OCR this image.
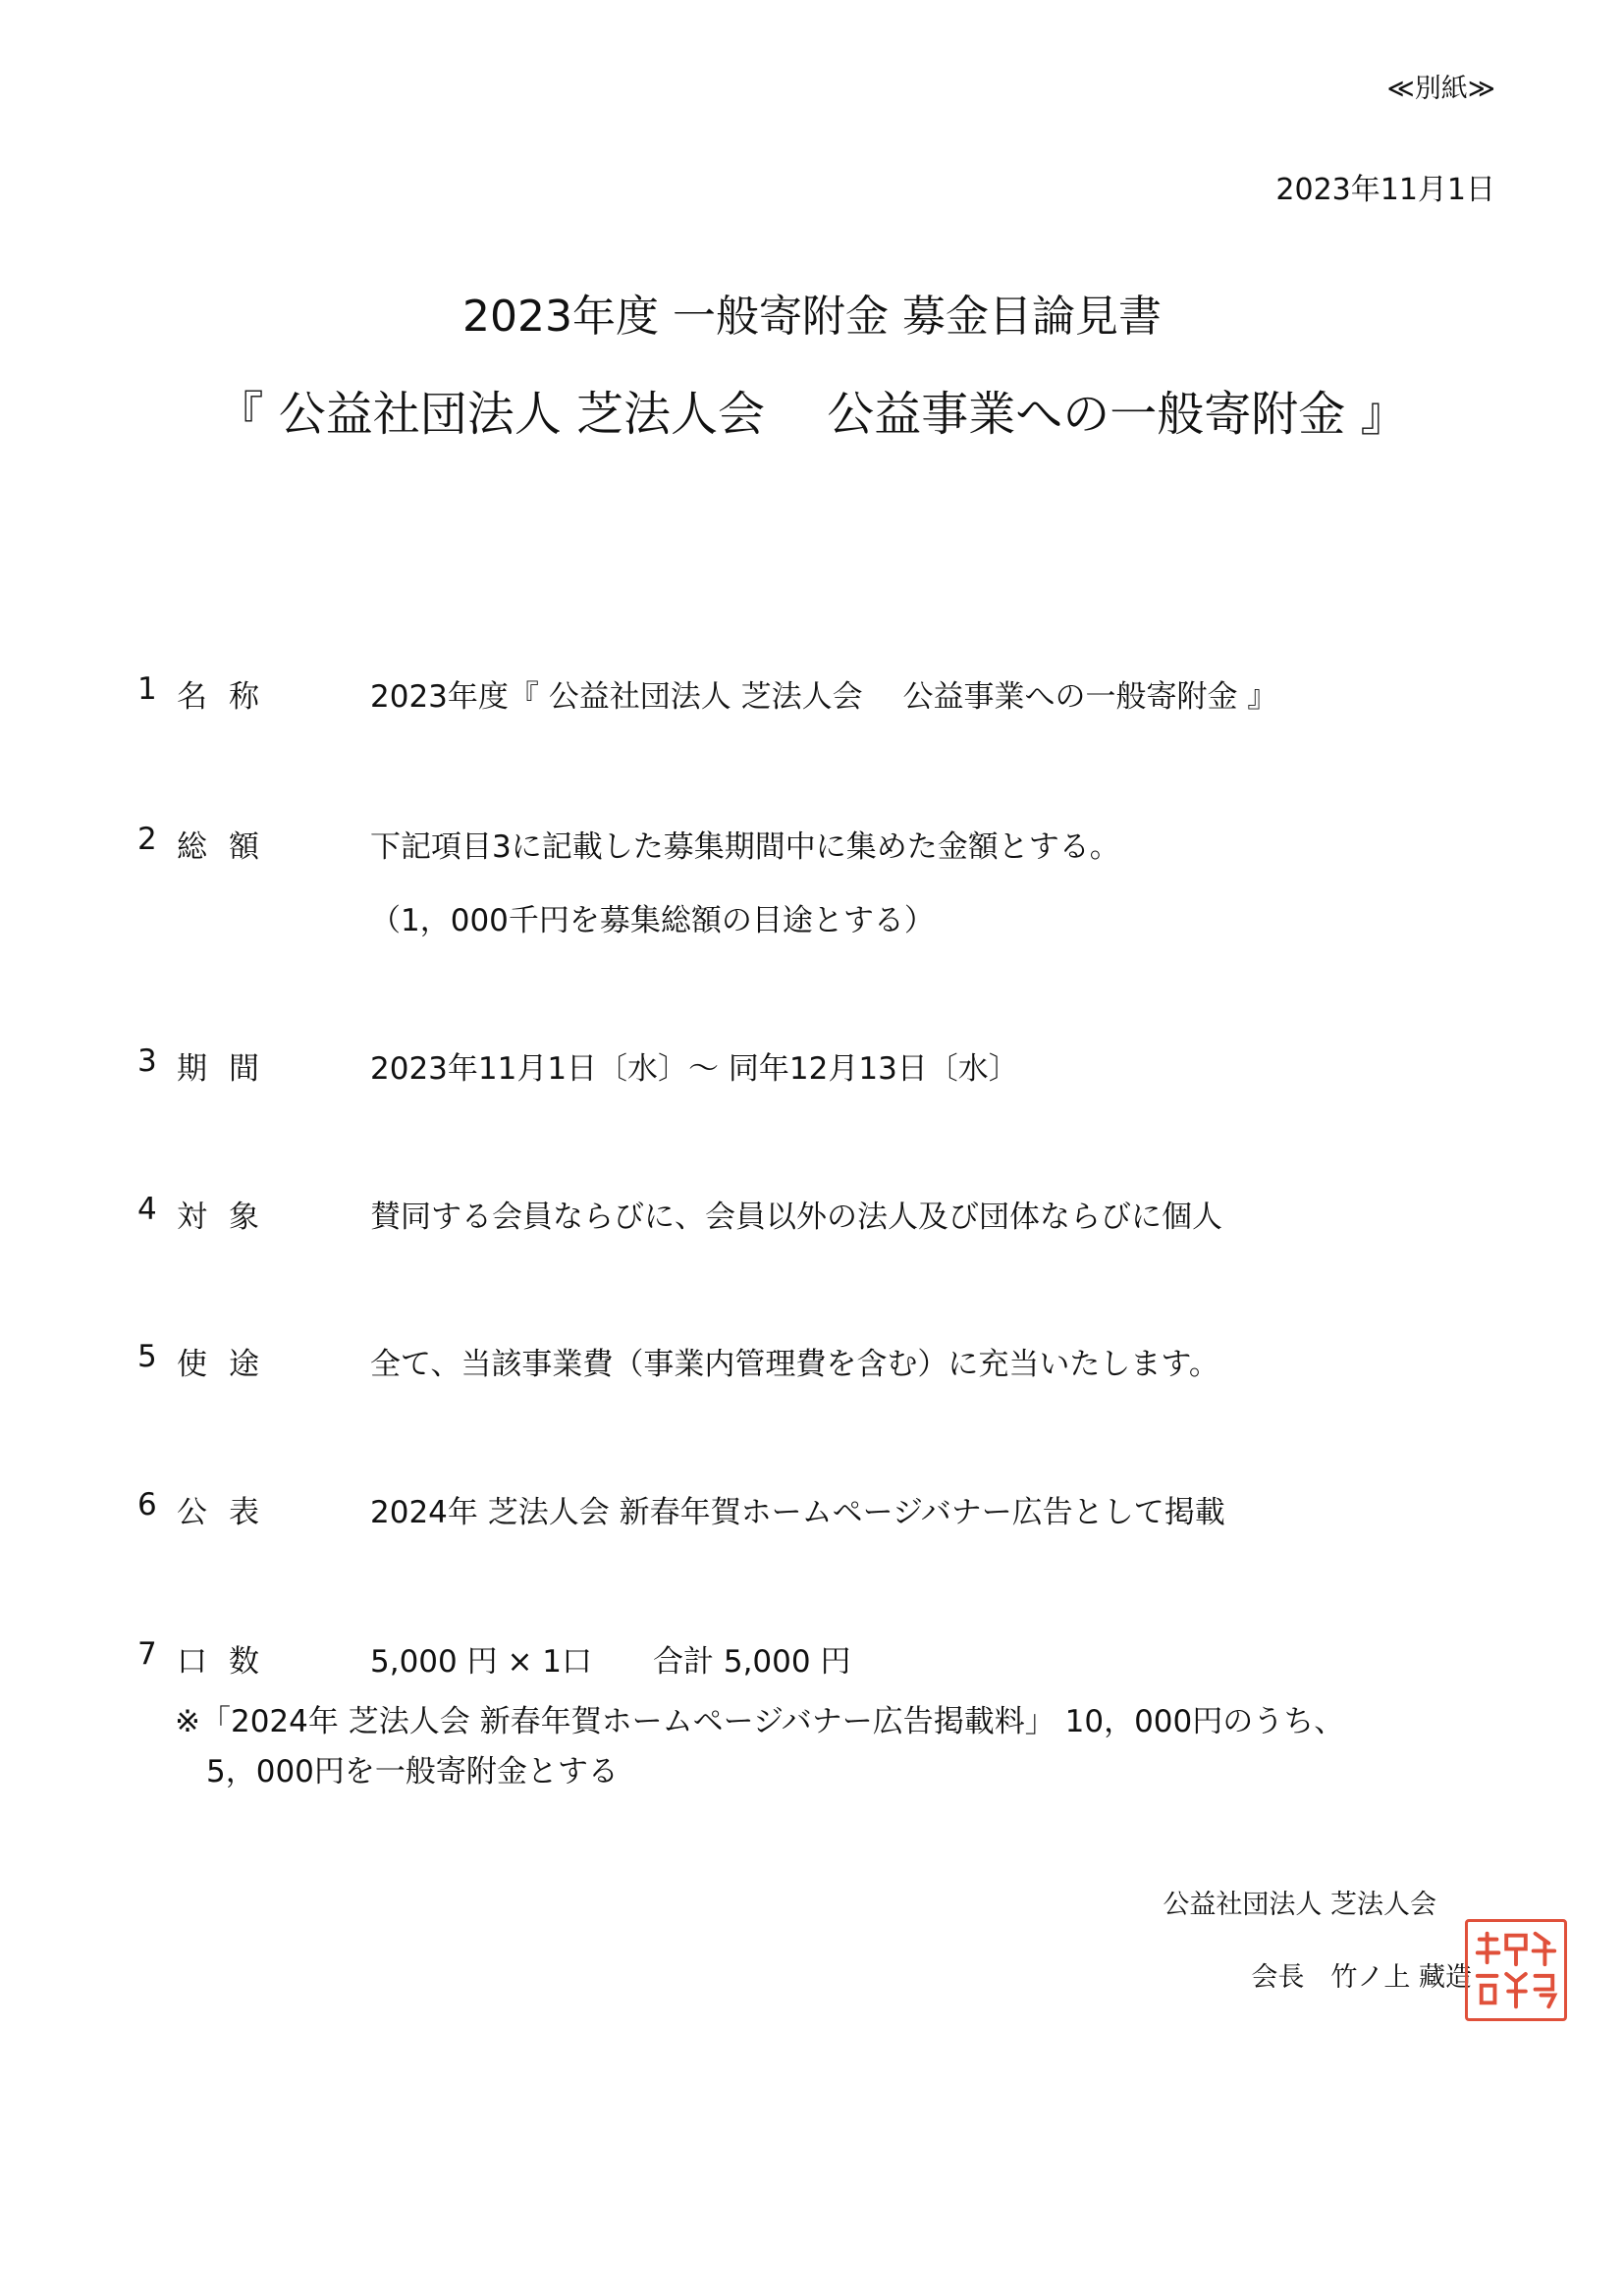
≪別紙≫
2023年11月1日
2023年度 一般寄附金 募金目論見書
『 公益社団法人 芝法人会　 公益事業への一般寄附金 』
1 名称	2023年度『 公益社団法人 芝法人会　 公益事業への一般寄附金 』
2 総額	下記項目3に記載した募集期間中に集めた金額とする。
（1，000千円を募集総額の目途とする）
3 期間	2023年11月1日〔水〕～ 同年12月13日〔水〕
4 対象	賛同する会員ならびに、会員以外の法人及び団体ならびに個人
5 使途	全て、当該事業費（事業内管理費を含む）に充当いたします。
6 公表	2024年 芝法人会 新春年賀ホームページバナー広告として掲載
7 口数	5,000 円 × 1口　　合計 5,000 円
※「2024年 芝法人会 新春年賀ホームページバナー広告掲載料」 10，000円のうち、
5，000円を一般寄附金とする
公益社団法人 芝法人会
会長　竹ノ上 藏造
